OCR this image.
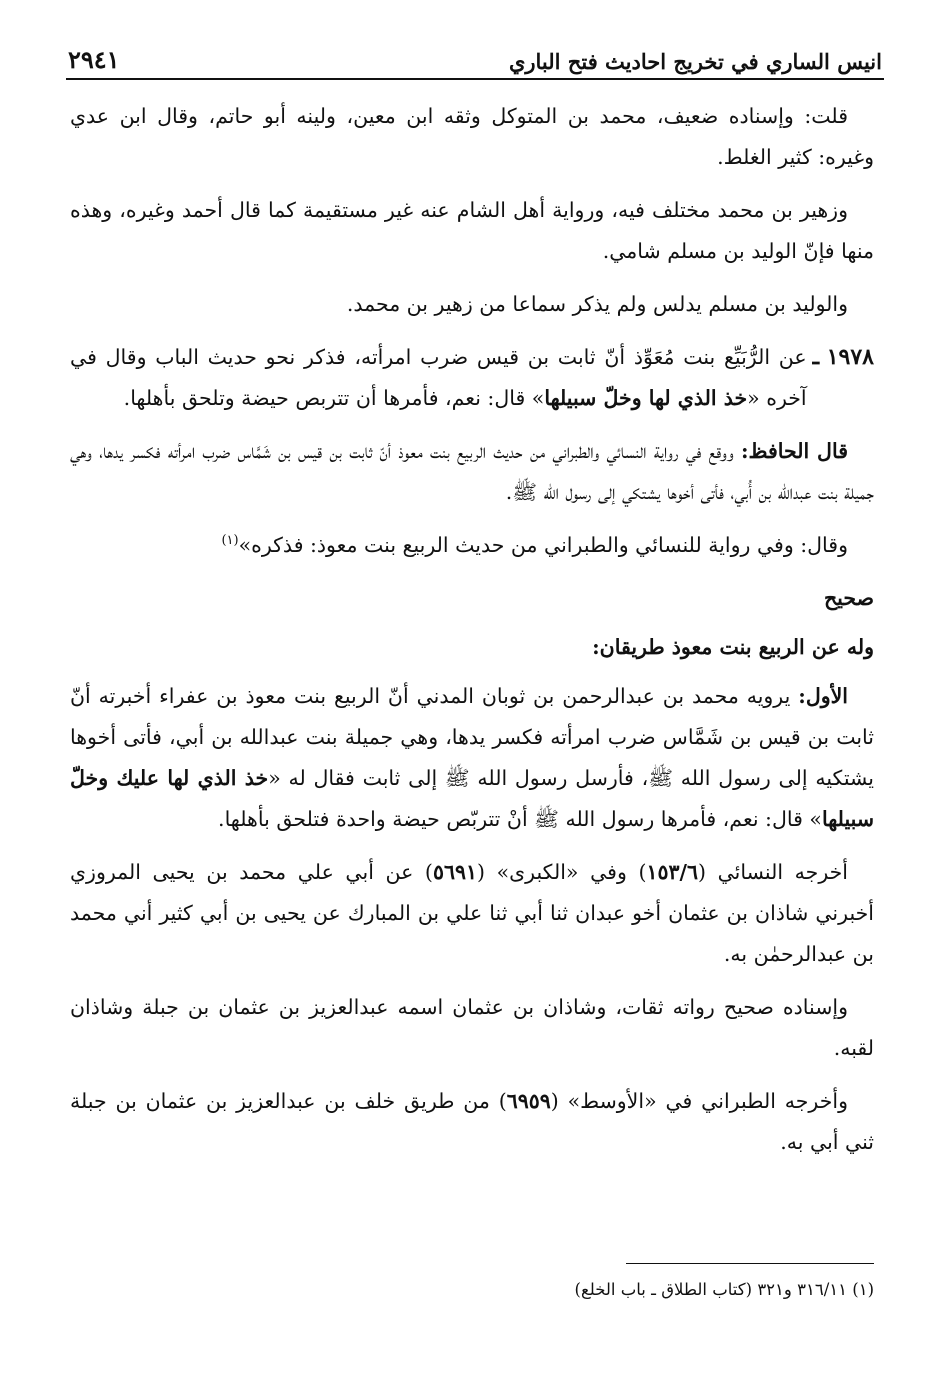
انيس الساري في تخريج احاديث فتح الباري
٢٩٤١

قلت: وإسناده ضعيف، محمد بن المتوكل وثقه ابن معين، ولينه أبو حاتم، وقال ابن عدي وغيره: كثير الغلط.

وزهير بن محمد مختلف فيه، ورواية أهل الشام عنه غير مستقيمة كما قال أحمد وغيره، وهذه منها فإنّ الوليد بن مسلم شامي.

والوليد بن مسلم يدلس ولم يذكر سماعا من زهير بن محمد.

١٩٧٨ ـ
عن الرُّبَيِّع بنت مُعَوِّذ أنّ ثابت بن قيس ضرب امرأته، فذكر نحو حديث الباب وقال في آخره «خذ الذي لها وخلّ سبيلها» قال: نعم، فأمرها أن تتربص حيضة وتلحق بأهلها.

قال الحافظ: ووقع في رواية النسائي والطبراني من حديث الربيع بنت معوذ أنّ ثابت بن قيس بن شَمَّاس ضرب امرأته فكسر يدها، وهي جميلة بنت عبدالله بن أُبي، فأتى أخوها يشتكي إلى رسول الله ﷺ.

وقال: وفي رواية للنسائي والطبراني من حديث الربيع بنت معوذ: فذكره»$^{(١)}$

صحيح

وله عن الربيع بنت معوذ طريقان:

الأول: يرويه محمد بن عبدالرحمن بن ثوبان المدني أنّ الربيع بنت معوذ بن عفراء أخبرته أنّ ثابت بن قيس بن شَمَّاس ضرب امرأته فكسر يدها، وهي جميلة بنت عبدالله بن أبي، فأتى أخوها يشتكيه إلى رسول الله ﷺ، فأرسل رسول الله ﷺ إلى ثابت فقال له «خذ الذي لها عليك وخلّ سبيلها» قال: نعم، فأمرها رسول الله ﷺ أنْ تتربّص حيضة واحدة فتلحق بأهلها.

أخرجه النسائي (١٥٣/٦) وفي «الكبرى» (٥٦٩١) عن أبي علي محمد بن يحيى المروزي أخبرني شاذان بن عثمان أخو عبدان ثنا أبي ثنا علي بن المبارك عن يحيى بن أبي كثير أني محمد بن عبدالرحمٰن به.

وإسناده صحيح رواته ثقات، وشاذان بن عثمان اسمه عبدالعزيز بن عثمان بن جبلة وشاذان لقبه.

وأخرجه الطبراني في «الأوسط» (٦٩٥٩) من طريق خلف بن عبدالعزيز بن عثمان بن جبلة ثني أبي به.

(١) ٣١٦/١١ و٣٢١ (كتاب الطلاق ـ باب الخلع)
